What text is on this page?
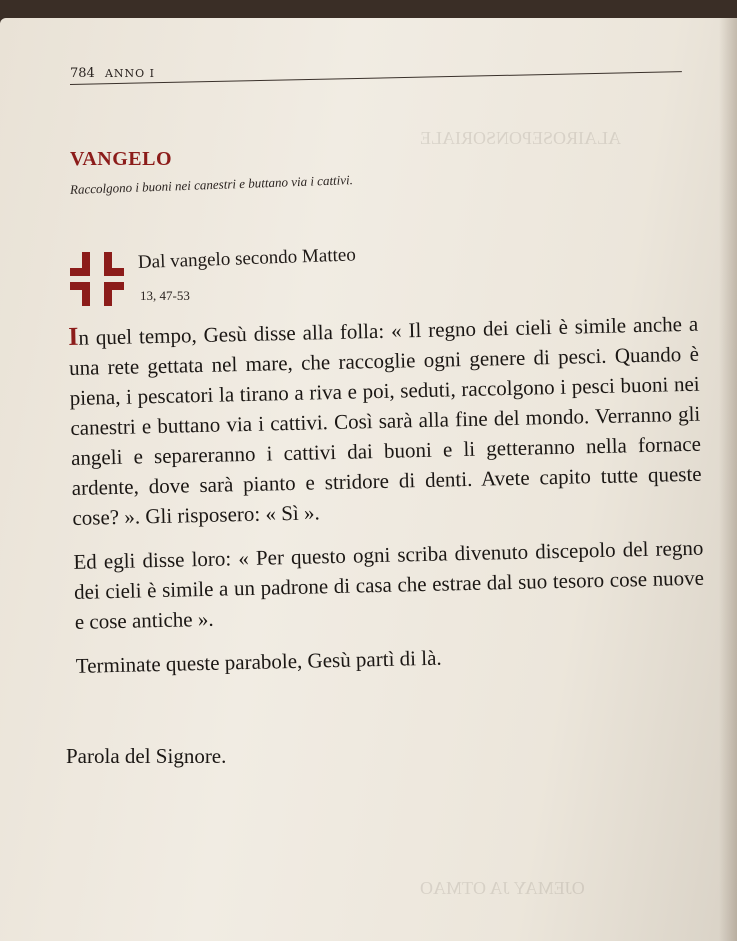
ALAIROSEPONSORIALE
OJEMAY JA OTMAO
784 ANNO I
VANGELO
Raccolgono i buoni nei canestri e buttano via i cattivi.
Dal vangelo secondo Matteo
13, 47-53

In quel tempo, Gesù disse alla folla: « Il regno dei cieli è simile anche a una rete gettata nel mare, che raccoglie ogni genere di pesci. Quando è piena, i pescatori la tirano a riva e poi, seduti, raccolgono i pesci buoni nei canestri e buttano via i cattivi. Così sarà alla fine del mondo. Verranno gli angeli e separeranno i cattivi dai buoni e li getteranno nella fornace ardente, dove sarà pianto e stridore di denti. Avete capito tutte queste cose? ». Gli risposero: « Sì ».

Ed egli disse loro: « Per questo ogni scriba divenuto discepolo del regno dei cieli è simile a un padrone di casa che estrae dal suo tesoro cose nuove e cose antiche ».

Terminate queste parabole, Gesù partì di là.

Parola del Signore.
